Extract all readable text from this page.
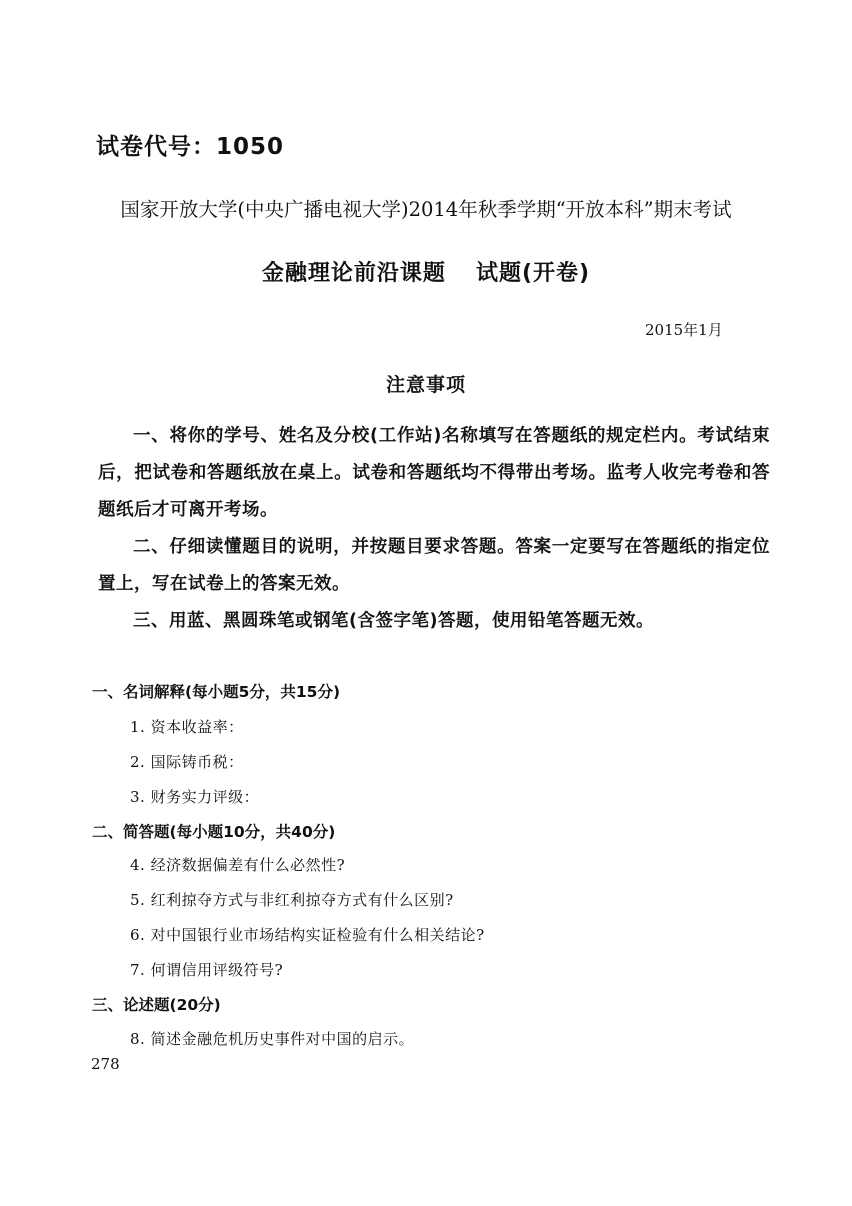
试卷代号：1050
国家开放大学(中央广播电视大学)2014年秋季学期“开放本科”期末考试
金融理论前沿课题 试题(开卷)
2015年1月
注意事项

一、将你的学号、姓名及分校(工作站)名称填写在答题纸的规定栏内。考试结束后，把试卷和答题纸放在桌上。试卷和答题纸均不得带出考场。监考人收完考卷和答题纸后才可离开考场。

二、仔细读懂题目的说明，并按题目要求答题。答案一定要写在答题纸的指定位置上，写在试卷上的答案无效。

三、用蓝、黑圆珠笔或钢笔(含签字笔)答题，使用铅笔答题无效。

一、名词解释(每小题5分，共15分)
1. 资本收益率：
2. 国际铸币税：
3. 财务实力评级：
二、简答题(每小题10分，共40分)
4. 经济数据偏差有什么必然性?
5. 红利掠夺方式与非红利掠夺方式有什么区别?
6. 对中国银行业市场结构实证检验有什么相关结论?
7. 何谓信用评级符号?
三、论述题(20分)
8. 简述金融危机历史事件对中国的启示。
278
